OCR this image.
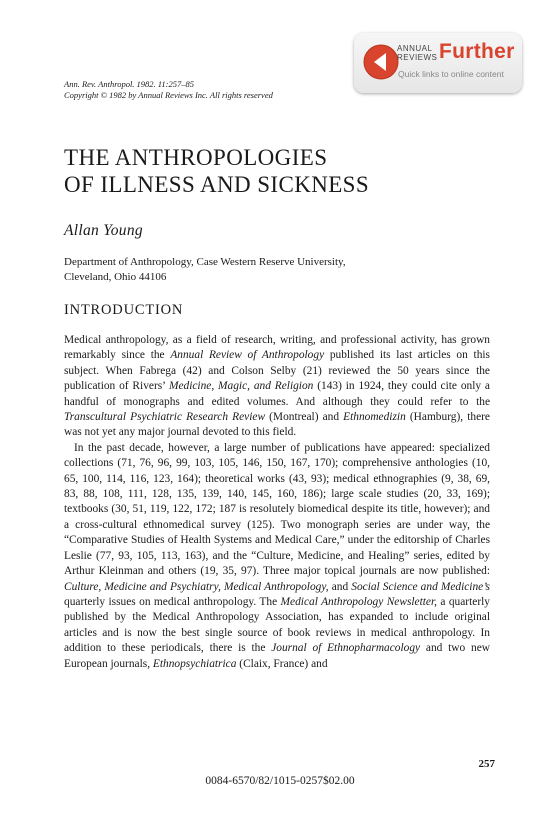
ANNUAL
REVIEWS Further
Quick links to online content
Ann. Rev. Anthropol. 1982. 11:257–85
Copyright © 1982 by Annual Reviews Inc. All rights reserved
THE ANTHROPOLOGIES
OF ILLNESS AND SICKNESS
Allan Young
Department of Anthropology, Case Western Reserve University,
Cleveland, Ohio 44106
INTRODUCTION

Medical anthropology, as a field of research, writing, and professional activity, has grown remarkably since the Annual Review of Anthropology published its last articles on this subject. When Fabrega (42) and Colson Selby (21) reviewed the 50 years since the publication of Rivers’ Medicine, Magic, and Religion (143) in 1924, they could cite only a handful of monographs and edited volumes. And although they could refer to the Transcultural Psychiatric Research Review (Montreal) and Ethnomedizin (Hamburg), there was not yet any major journal devoted to this field.

In the past decade, however, a large number of publications have appeared: specialized collections (71, 76, 96, 99, 103, 105, 146, 150, 167, 170); comprehensive anthologies (10, 65, 100, 114, 116, 123, 164); theoretical works (43, 93); medical ethnographies (9, 38, 69, 83, 88, 108, 111, 128, 135, 139, 140, 145, 160, 186); large scale studies (20, 33, 169); textbooks (30, 51, 119, 122, 172; 187 is resolutely biomedical despite its title, however); and a cross-cultural ethnomedical survey (125). Two monograph series are under way, the “Comparative Studies of Health Systems and Medical Care,” under the editorship of Charles Leslie (77, 93, 105, 113, 163), and the “Culture, Medicine, and Healing” series, edited by Arthur Kleinman and others (19, 35, 97). Three major topical journals are now published: Culture, Medicine and Psychiatry, Medical Anthropology, and Social Science and Medicine’s quarterly issues on medical anthropology. The Medical Anthropology Newsletter, a quarterly published by the Medical Anthropology Association, has expanded to include original articles and is now the best single source of book reviews in medical anthropology. In addition to these periodicals, there is the Journal of Ethnopharmacology and two new European journals, Ethnopsychiatrica (Claix, France) and

257
0084-6570/82/1015-0257$02.00
